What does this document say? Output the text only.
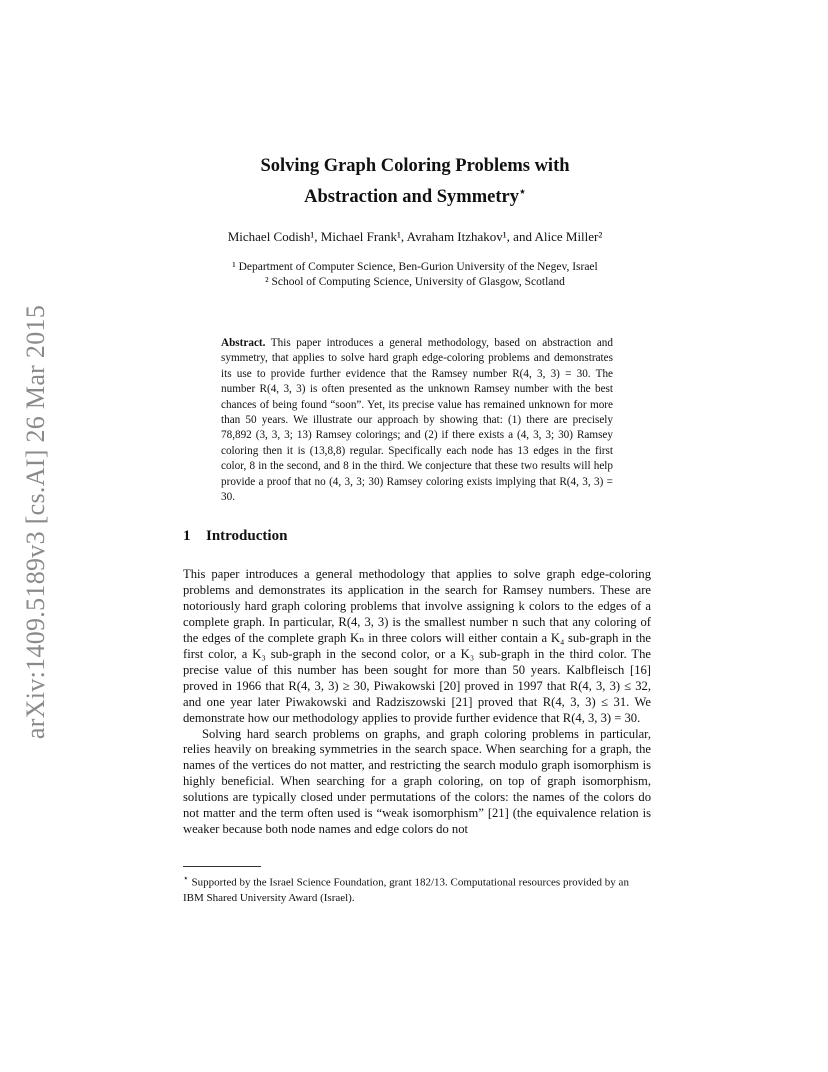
arXiv:1409.5189v3 [cs.AI] 26 Mar 2015
Solving Graph Coloring Problems with
Abstraction and Symmetry⋆
Michael Codish¹, Michael Frank¹, Avraham Itzhakov¹, and Alice Miller²
¹ Department of Computer Science, Ben-Gurion University of the Negev, Israel
² School of Computing Science, University of Glasgow, Scotland
Abstract. This paper introduces a general methodology, based on abstraction and symmetry, that applies to solve hard graph edge-coloring problems and demonstrates its use to provide further evidence that the Ramsey number R(4, 3, 3) = 30. The number R(4, 3, 3) is often presented as the unknown Ramsey number with the best chances of being found “soon”. Yet, its precise value has remained unknown for more than 50 years. We illustrate our approach by showing that: (1) there are precisely 78,892 (3, 3, 3; 13) Ramsey colorings; and (2) if there exists a (4, 3, 3; 30) Ramsey coloring then it is (13,8,8) regular. Specifically each node has 13 edges in the first color, 8 in the second, and 8 in the third. We conjecture that these two results will help provide a proof that no (4, 3, 3; 30) Ramsey coloring exists implying that R(4, 3, 3) = 30.
1 Introduction

This paper introduces a general methodology that applies to solve graph edge-coloring problems and demonstrates its application in the search for Ramsey numbers. These are notoriously hard graph coloring problems that involve assigning k colors to the edges of a complete graph. In particular, R(4, 3, 3) is the smallest number n such that any coloring of the edges of the complete graph Kₙ in three colors will either contain a K₄ sub-graph in the first color, a K₃ sub-graph in the second color, or a K₃ sub-graph in the third color. The precise value of this number has been sought for more than 50 years. Kalbfleisch [16] proved in 1966 that R(4, 3, 3) ≥ 30, Piwakowski [20] proved in 1997 that R(4, 3, 3) ≤ 32, and one year later Piwakowski and Radziszowski [21] proved that R(4, 3, 3) ≤ 31. We demonstrate how our methodology applies to provide further evidence that R(4, 3, 3) = 30.

Solving hard search problems on graphs, and graph coloring problems in particular, relies heavily on breaking symmetries in the search space. When searching for a graph, the names of the vertices do not matter, and restricting the search modulo graph isomorphism is highly beneficial. When searching for a graph coloring, on top of graph isomorphism, solutions are typically closed under permutations of the colors: the names of the colors do not matter and the term often used is “weak isomorphism” [21] (the equivalence relation is weaker because both node names and edge colors do not

⋆ Supported by the Israel Science Foundation, grant 182/13. Computational resources provided by an IBM Shared University Award (Israel).
